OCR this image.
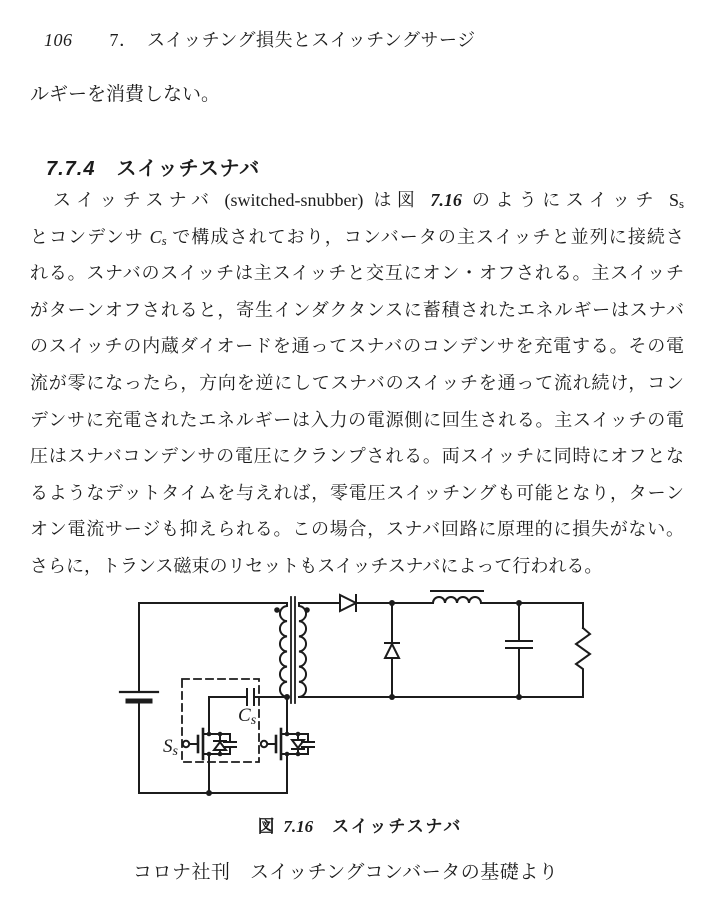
106　　7．　スイッチング損失とスイッチングサージ
ルギーを消費しない。
7.7.4　スイッチスナバ
スイッチスナバ (switched-snubber) は図 7.16 のようにスイッチ Ss
とコンデンサ Cs で構成されており，コンバータの主スイッチと並列に接続さ
れる。スナバのスイッチは主スイッチと交互にオン・オフされる。主スイッチ
がターンオフされると，寄生インダクタンスに蓄積されたエネルギーはスナバ
のスイッチの内蔵ダイオードを通ってスナバのコンデンサを充電する。その電
流が零になったら，方向を逆にしてスナバのスイッチを通って流れ続け，コン
デンサに充電されたエネルギーは入力の電源側に回生される。主スイッチの電
圧はスナバコンデンサの電圧にクランプされる。両スイッチに同時にオフとな
るようなデットタイムを与えれば，零電圧スイッチングも可能となり，ターン
オン電流サージも抑えられる。この場合，スナバ回路に原理的に損失がない。
さらに，トランス磁束のリセットもスイッチスナバによって行われる。
Ss
Cs
図 7.16　スイッチスナバ
コロナ社刊　スイッチングコンバータの基礎より
